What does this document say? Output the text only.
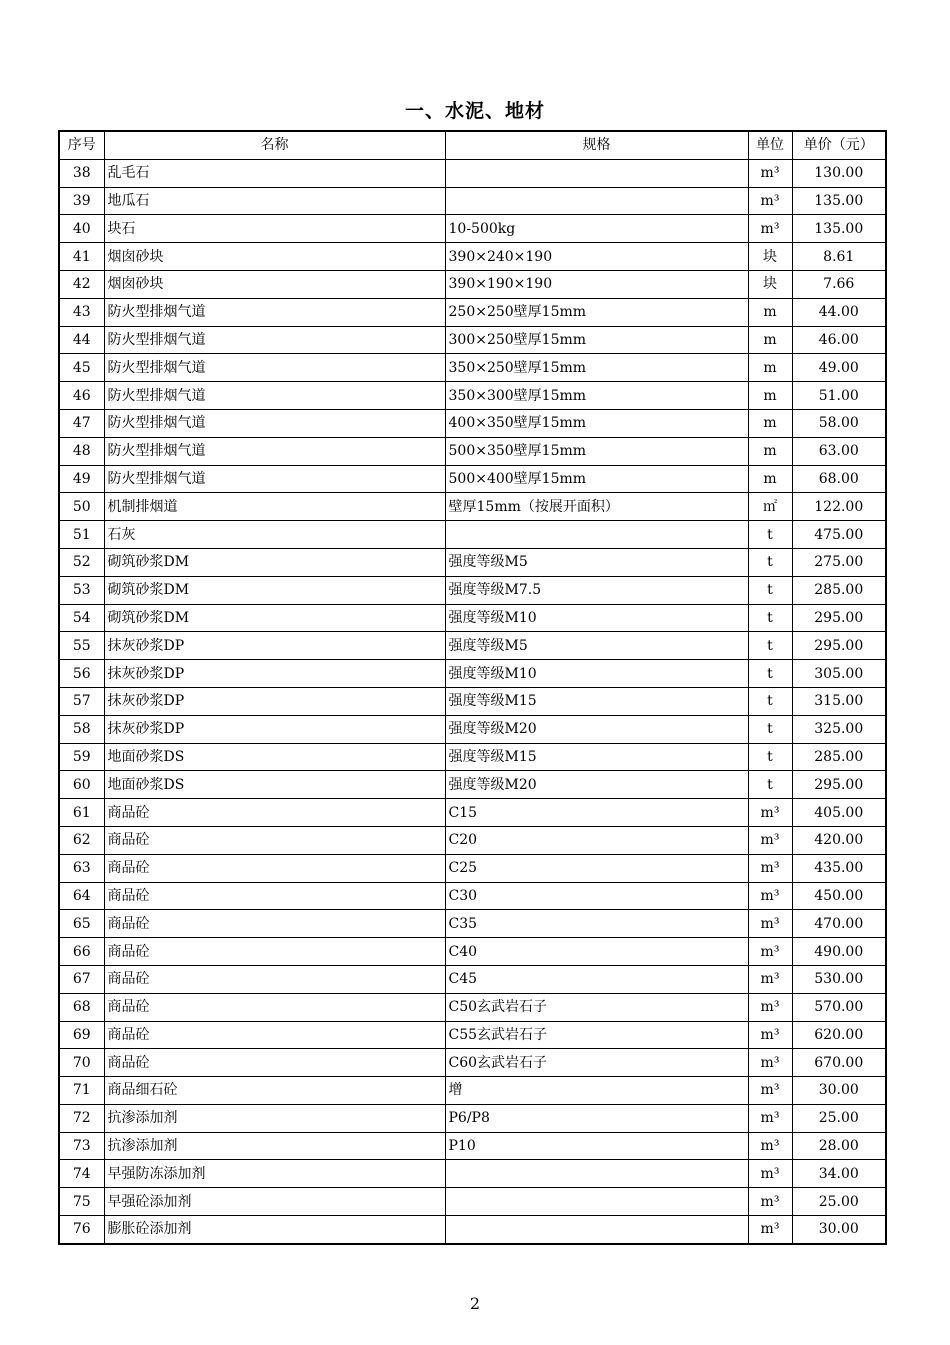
一、水泥、地材
序号	名称	规格	单位	单价（元）
38	乱毛石		m³	130.00
39	地瓜石		m³	135.00
40	块石	10-500kg	m³	135.00
41	烟囱砂块	390×240×190	块	8.61
42	烟囱砂块	390×190×190	块	7.66
43	防火型排烟气道	250×250壁厚15mm	m	44.00
44	防火型排烟气道	300×250壁厚15mm	m	46.00
45	防火型排烟气道	350×250壁厚15mm	m	49.00
46	防火型排烟气道	350×300壁厚15mm	m	51.00
47	防火型排烟气道	400×350壁厚15mm	m	58.00
48	防火型排烟气道	500×350壁厚15mm	m	63.00
49	防火型排烟气道	500×400壁厚15mm	m	68.00
50	机制排烟道	壁厚15mm（按展开面积）	㎡	122.00
51	石灰		t	475.00
52	砌筑砂浆DM	强度等级M5	t	275.00
53	砌筑砂浆DM	强度等级M7.5	t	285.00
54	砌筑砂浆DM	强度等级M10	t	295.00
55	抹灰砂浆DP	强度等级M5	t	295.00
56	抹灰砂浆DP	强度等级M10	t	305.00
57	抹灰砂浆DP	强度等级M15	t	315.00
58	抹灰砂浆DP	强度等级M20	t	325.00
59	地面砂浆DS	强度等级M15	t	285.00
60	地面砂浆DS	强度等级M20	t	295.00
61	商品砼	C15	m³	405.00
62	商品砼	C20	m³	420.00
63	商品砼	C25	m³	435.00
64	商品砼	C30	m³	450.00
65	商品砼	C35	m³	470.00
66	商品砼	C40	m³	490.00
67	商品砼	C45	m³	530.00
68	商品砼	C50玄武岩石子	m³	570.00
69	商品砼	C55玄武岩石子	m³	620.00
70	商品砼	C60玄武岩石子	m³	670.00
71	商品细石砼	增	m³	30.00
72	抗渗添加剂	P6/P8	m³	25.00
73	抗渗添加剂	P10	m³	28.00
74	早强防冻添加剂		m³	34.00
75	早强砼添加剂		m³	25.00
76	膨胀砼添加剂		m³	30.00
2
